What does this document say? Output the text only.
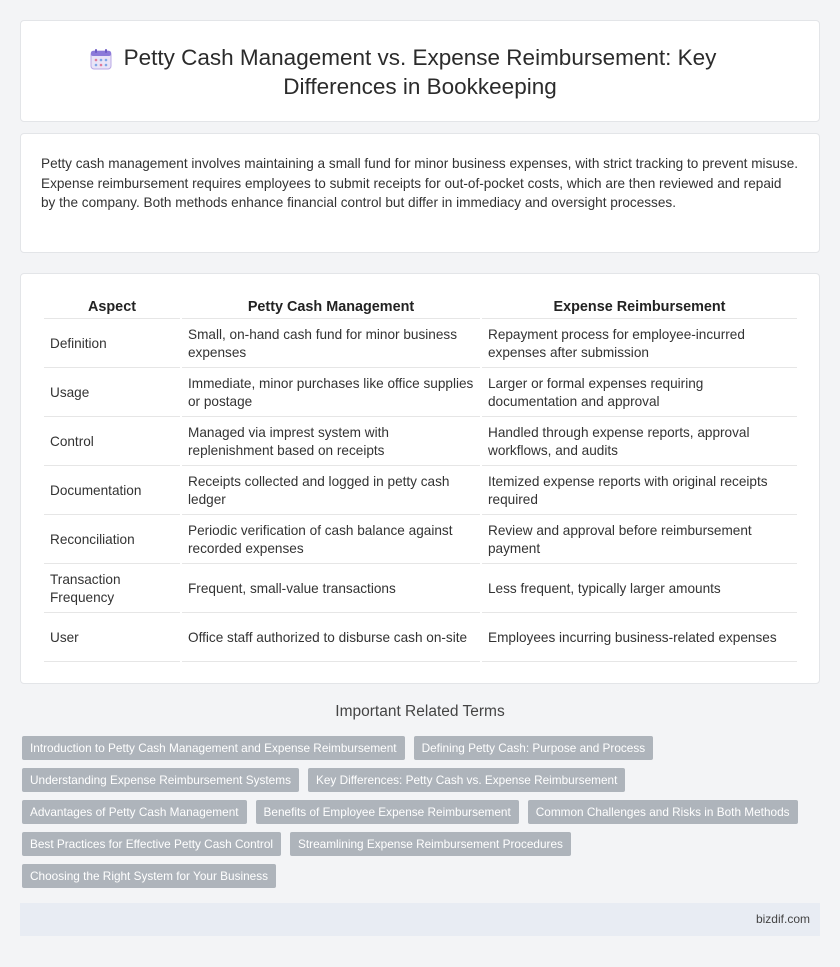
Petty Cash Management vs. Expense Reimbursement: Key Differences in Bookkeeping

Petty cash management involves maintaining a small fund for minor business expenses, with strict tracking to prevent misuse. Expense reimbursement requires employees to submit receipts for out-of-pocket costs, which are then reviewed and repaid by the company. Both methods enhance financial control but differ in immediacy and oversight processes.

Aspect	Petty Cash Management	Expense Reimbursement
Definition	Small, on-hand cash fund for minor business expenses	Repayment process for employee-incurred expenses after submission
Usage	Immediate, minor purchases like office supplies or postage	Larger or formal expenses requiring documentation and approval
Control	Managed via imprest system with replenishment based on receipts	Handled through expense reports, approval workflows, and audits
Documentation	Receipts collected and logged in petty cash ledger	Itemized expense reports with original receipts required
Reconciliation	Periodic verification of cash balance against recorded expenses	Review and approval before reimbursement payment
Transaction Frequency	Frequent, small-value transactions	Less frequent, typically larger amounts
User	Office staff authorized to disburse cash on-site	Employees incurring business-related expenses
Important Related Terms
Introduction to Petty Cash Management and Expense Reimbursement	Defining Petty Cash: Purpose and Process
Understanding Expense Reimbursement Systems	Key Differences: Petty Cash vs. Expense Reimbursement
Advantages of Petty Cash Management	Benefits of Employee Expense Reimbursement	Common Challenges and Risks in Both Methods
Best Practices for Effective Petty Cash Control	Streamlining Expense Reimbursement Procedures
Choosing the Right System for Your Business
bizdif.com
